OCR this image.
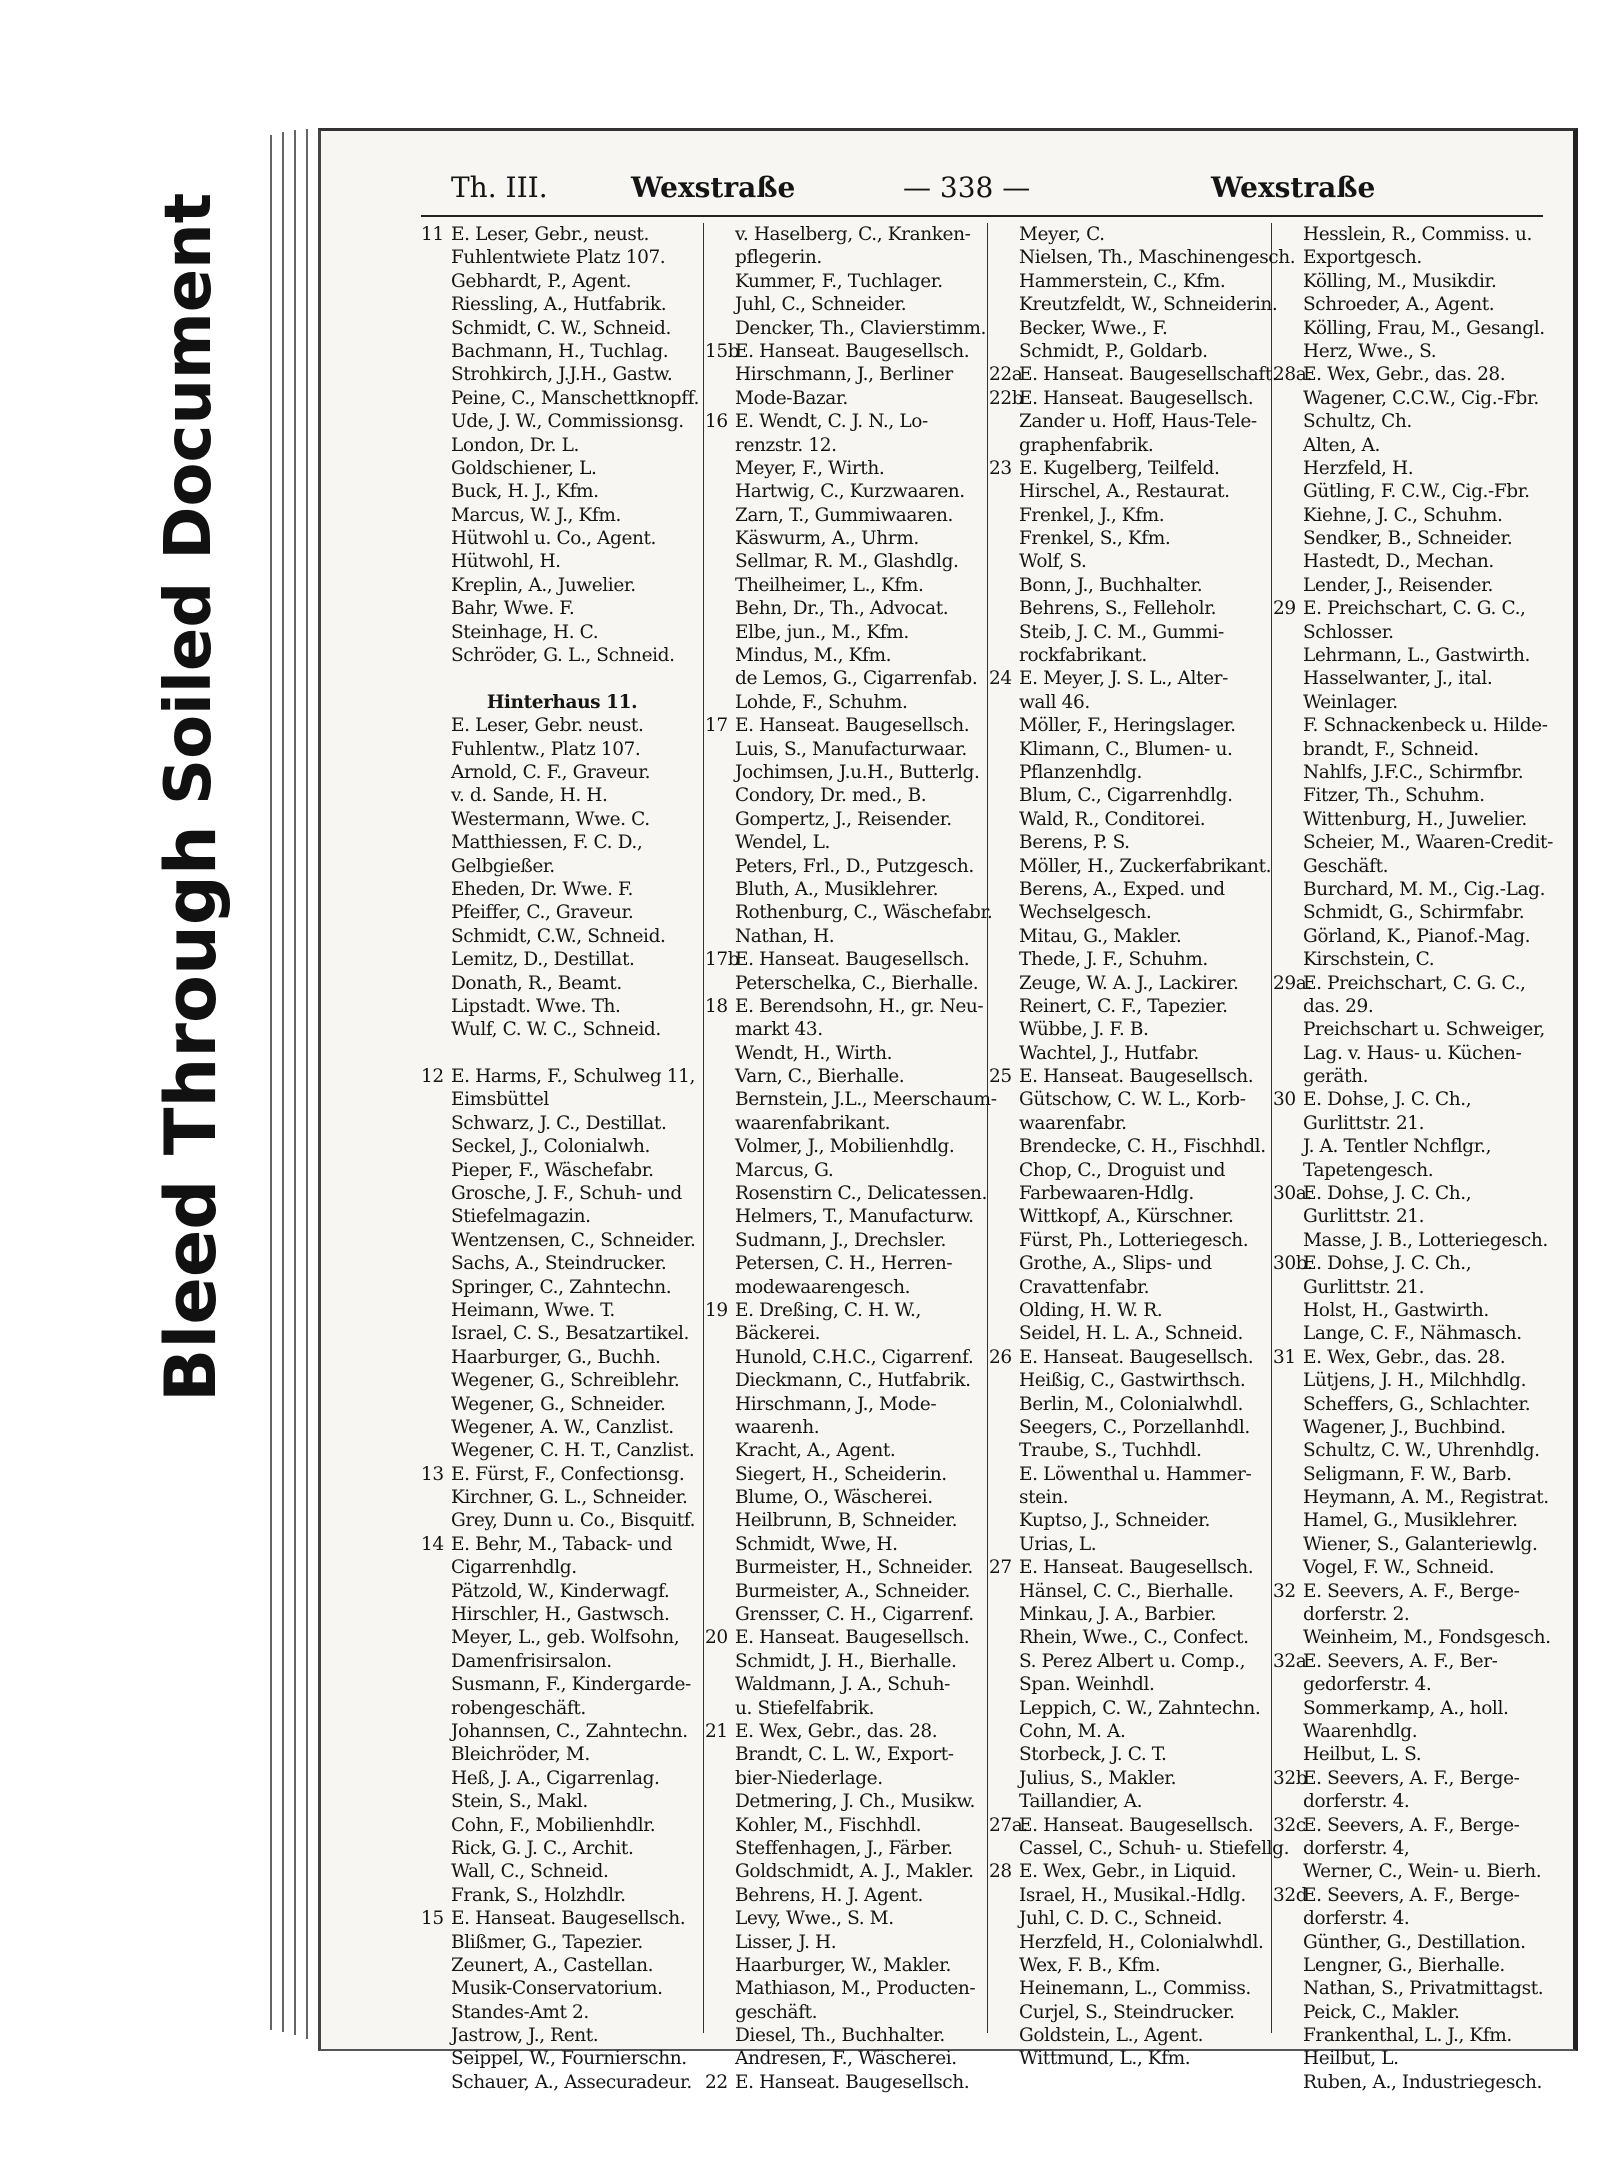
Soiled Document
Bleed Through
Th. III.	Wexstraße	— 338 —	Wexstraße
11 E. Leser, Gebr., neust.
Fuhlentwiete Platz 107.
Gebhardt, P., Agent.
Riessling, A., Hutfabrik.
Schmidt, C. W., Schneid.
Bachmann, H., Tuchlag.
Strohkirch, J.J.H., Gastw.
Peine, C., Manschettknopff.
Ude, J. W., Commissionsg.
London, Dr. L.
Goldschiener, L.
Buck, H. J., Kfm.
Marcus, W. J., Kfm.
Hütwohl u. Co., Agent.
Hütwohl, H.
Kreplin, A., Juwelier.
Bahr, Wwe. F.
Steinhage, H. C.
Schröder, G. L., Schneid.
Hinterhaus 11.
E. Leser, Gebr. neust.
Fuhlentw., Platz 107.
Arnold, C. F., Graveur.
v. d. Sande, H. H.
Westermann, Wwe. C.
Matthiessen, F. C. D.,
Gelbgießer.
Eheden, Dr. Wwe. F.
Pfeiffer, C., Graveur.
Schmidt, C.W., Schneid.
Lemitz, D., Destillat.
Donath, R., Beamt.
Lipstadt. Wwe. Th.
Wulf, C. W. C., Schneid.
12 E. Harms, F., Schulweg 11,
Eimsbüttel
Schwarz, J. C., Destillat.
Seckel, J., Colonialwh.
Pieper, F., Wäschefabr.
Grosche, J. F., Schuh- und
Stiefelmagazin.
Wentzensen, C., Schneider.
Sachs, A., Steindrucker.
Springer, C., Zahntechn.
Heimann, Wwe. T.
Israel, C. S., Besatzartikel.
Haarburger, G., Buchh.
Wegener, G., Schreiblehr.
Wegener, G., Schneider.
Wegener, A. W., Canzlist.
Wegener, C. H. T., Canzlist.
13 E. Fürst, F., Confectionsg.
Kirchner, G. L., Schneider.
Grey, Dunn u. Co., Bisquitf.
14 E. Behr, M., Taback- und
Cigarrenhdlg.
Pätzold, W., Kinderwagf.
Hirschler, H., Gastwsch.
Meyer, L., geb. Wolfsohn,
Damenfrisirsalon.
Susmann, F., Kindergarde-
robengeschäft.
Johannsen, C., Zahntechn.
Bleichröder, M.
Heß, J. A., Cigarrenlag.
Stein, S., Makl.
Cohn, F., Mobilienhdlr.
Rick, G. J. C., Archit.
Wall, C., Schneid.
Frank, S., Holzhdlr.
15 E. Hanseat. Baugesellsch.
Blißmer, G., Tapezier.
Zeunert, A., Castellan.
Musik-Conservatorium.
Standes-Amt 2.
Jastrow, J., Rent.
Seippel, W., Fournierschn.
Schauer, A., Assecuradeur.
v. Haselberg, C., Kranken-
pflegerin.
Kummer, F., Tuchlager.
Juhl, C., Schneider.
Dencker, Th., Clavierstimm.
15bE. Hanseat. Baugesellsch.
Hirschmann, J., Berliner
Mode-Bazar.
16 E. Wendt, C. J. N., Lo-
renzstr. 12.
Meyer, F., Wirth.
Hartwig, C., Kurzwaaren.
Zarn, T., Gummiwaaren.
Käswurm, A., Uhrm.
Sellmar, R. M., Glashdlg.
Theilheimer, L., Kfm.
Behn, Dr., Th., Advocat.
Elbe, jun., M., Kfm.
Mindus, M., Kfm.
de Lemos, G., Cigarrenfab.
Lohde, F., Schuhm.
17 E. Hanseat. Baugesellsch.
Luis, S., Manufacturwaar.
Jochimsen, J.u.H., Butterlg.
Condory, Dr. med., B.
Gompertz, J., Reisender.
Wendel, L.
Peters, Frl., D., Putzgesch.
Bluth, A., Musiklehrer.
Rothenburg, C., Wäschefabr.
Nathan, H.
17bE. Hanseat. Baugesellsch.
Peterschelka, C., Bierhalle.
18 E. Berendsohn, H., gr. Neu-
markt 43.
Wendt, H., Wirth.
Varn, C., Bierhalle.
Bernstein, J.L., Meerschaum-
waarenfabrikant.
Volmer, J., Mobilienhdlg.
Marcus, G.
Rosenstirn C., Delicatessen.
Helmers, T., Manufacturw.
Sudmann, J., Drechsler.
Petersen, C. H., Herren-
modewaarengesch.
19 E. Dreßing, C. H. W.,
Bäckerei.
Hunold, C.H.C., Cigarrenf.
Dieckmann, C., Hutfabrik.
Hirschmann, J., Mode-
waarenh.
Kracht, A., Agent.
Siegert, H., Scheiderin.
Blume, O., Wäscherei.
Heilbrunn, B, Schneider.
Schmidt, Wwe, H.
Burmeister, H., Schneider.
Burmeister, A., Schneider.
Grensser, C. H., Cigarrenf.
20 E. Hanseat. Baugesellsch.
Schmidt, J. H., Bierhalle.
Waldmann, J. A., Schuh-
u. Stiefelfabrik.
21 E. Wex, Gebr., das. 28.
Brandt, C. L. W., Export-
bier-Niederlage.
Detmering, J. Ch., Musikw.
Kohler, M., Fischhdl.
Steffenhagen, J., Färber.
Goldschmidt, A. J., Makler.
Behrens, H. J. Agent.
Levy, Wwe., S. M.
Lisser, J. H.
Haarburger, W., Makler.
Mathiason, M., Producten-
geschäft.
Diesel, Th., Buchhalter.
Andresen, F., Wäscherei.
22 E. Hanseat. Baugesellsch.
Meyer, C.
Nielsen, Th., Maschinengesch.
Hammerstein, C., Kfm.
Kreutzfeldt, W., Schneiderin.
Becker, Wwe., F.
Schmidt, P., Goldarb.
22aE. Hanseat. Baugesellschaft.
22bE. Hanseat. Baugesellsch.
Zander u. Hoff, Haus-Tele-
graphenfabrik.
23 E. Kugelberg, Teilfeld.
Hirschel, A., Restaurat.
Frenkel, J., Kfm.
Frenkel, S., Kfm.
Wolf, S.
Bonn, J., Buchhalter.
Behrens, S., Felleholr.
Steib, J. C. M., Gummi-
rockfabrikant.
24 E. Meyer, J. S. L., Alter-
wall 46.
Möller, F., Heringslager.
Klimann, C., Blumen- u.
Pflanzenhdlg.
Blum, C., Cigarrenhdlg.
Wald, R., Conditorei.
Berens, P. S.
Möller, H., Zuckerfabrikant.
Berens, A., Exped. und
Wechselgesch.
Mitau, G., Makler.
Thede, J. F., Schuhm.
Zeuge, W. A. J., Lackirer.
Reinert, C. F., Tapezier.
Wübbe, J. F. B.
Wachtel, J., Hutfabr.
25 E. Hanseat. Baugesellsch.
Gütschow, C. W. L., Korb-
waarenfabr.
Brendecke, C. H., Fischhdl.
Chop, C., Droguist und
Farbewaaren-Hdlg.
Wittkopf, A., Kürschner.
Fürst, Ph., Lotteriegesch.
Grothe, A., Slips- und
Cravattenfabr.
Olding, H. W. R.
Seidel, H. L. A., Schneid.
26 E. Hanseat. Baugesellsch.
Heißig, C., Gastwirthsch.
Berlin, M., Colonialwhdl.
Seegers, C., Porzellanhdl.
Traube, S., Tuchhdl.
E. Löwenthal u. Hammer-
stein.
Kuptso, J., Schneider.
Urias, L.
27 E. Hanseat. Baugesellsch.
Hänsel, C. C., Bierhalle.
Minkau, J. A., Barbier.
Rhein, Wwe., C., Confect.
S. Perez Albert u. Comp.,
Span. Weinhdl.
Leppich, C. W., Zahntechn.
Cohn, M. A.
Storbeck, J. C. T.
Julius, S., Makler.
Taillandier, A.
27a.E. Hanseat. Baugesellsch.
Cassel, C., Schuh- u. Stiefellg.
28 E. Wex, Gebr., in Liquid.
Israel, H., Musikal.-Hdlg.
Juhl, C. D. C., Schneid.
Herzfeld, H., Colonialwhdl.
Wex, F. B., Kfm.
Heinemann, L., Commiss.
Curjel, S., Steindrucker.
Goldstein, L., Agent.
Wittmund, L., Kfm.
Hesslein, R., Commiss. u.
Exportgesch.
Kölling, M., Musikdir.
Schroeder, A., Agent.
Kölling, Frau, M., Gesangl.
Herz, Wwe., S.
28a.E. Wex, Gebr., das. 28.
Wagener, C.C.W., Cig.-Fbr.
Schultz, Ch.
Alten, A.
Herzfeld, H.
Gütling, F. C.W., Cig.-Fbr.
Kiehne, J. C., Schuhm.
Sendker, B., Schneider.
Hastedt, D., Mechan.
Lender, J., Reisender.
29 E. Preichschart, C. G. C.,
Schlosser.
Lehrmann, L., Gastwirth.
Hasselwanter, J., ital.
Weinlager.
F. Schnackenbeck u. Hilde-
brandt, F., Schneid.
Nahlfs, J.F.C., Schirmfbr.
Fitzer, Th., Schuhm.
Wittenburg, H., Juwelier.
Scheier, M., Waaren-Credit-
Geschäft.
Burchard, M. M., Cig.-Lag.
Schmidt, G., Schirmfabr.
Görland, K., Pianof.-Mag.
Kirschstein, C.
29a.E. Preichschart, C. G. C.,
das. 29.
Preichschart u. Schweiger,
Lag. v. Haus- u. Küchen-
geräth.
30 E. Dohse, J. C. Ch.,
Gurlittstr. 21.
J. A. Tentler Nchflgr.,
Tapetengesch.
30a.E. Dohse, J. C. Ch.,
Gurlittstr. 21.
Masse, J. B., Lotteriegesch.
30b.E. Dohse, J. C. Ch.,
Gurlittstr. 21.
Holst, H., Gastwirth.
Lange, C. F., Nähmasch.
31 E. Wex, Gebr., das. 28.
Lütjens, J. H., Milchhdlg.
Scheffers, G., Schlachter.
Wagener, J., Buchbind.
Schultz, C. W., Uhrenhdlg.
Seligmann, F. W., Barb.
Heymann, A. M., Registrat.
Hamel, G., Musiklehrer.
Wiener, S., Galanteriewlg.
Vogel, F. W., Schneid.
32 E. Seevers, A. F., Berge-
dorferstr. 2.
Weinheim, M., Fondsgesch.
32aE. Seevers, A. F., Ber-
gedorferstr. 4.
Sommerkamp, A., holl.
Waarenhdlg.
Heilbut, L. S.
32bE. Seevers, A. F., Berge-
dorferstr. 4.
32cE. Seevers, A. F., Berge-
dorferstr. 4,
Werner, C., Wein- u. Bierh.
32dE. Seevers, A. F., Berge-
dorferstr. 4.
Günther, G., Destillation.
Lengner, G., Bierhalle.
Nathan, S., Privatmittagst.
Peick, C., Makler.
Frankenthal, L. J., Kfm.
Heilbut, L.
Ruben, A., Industriegesch.
